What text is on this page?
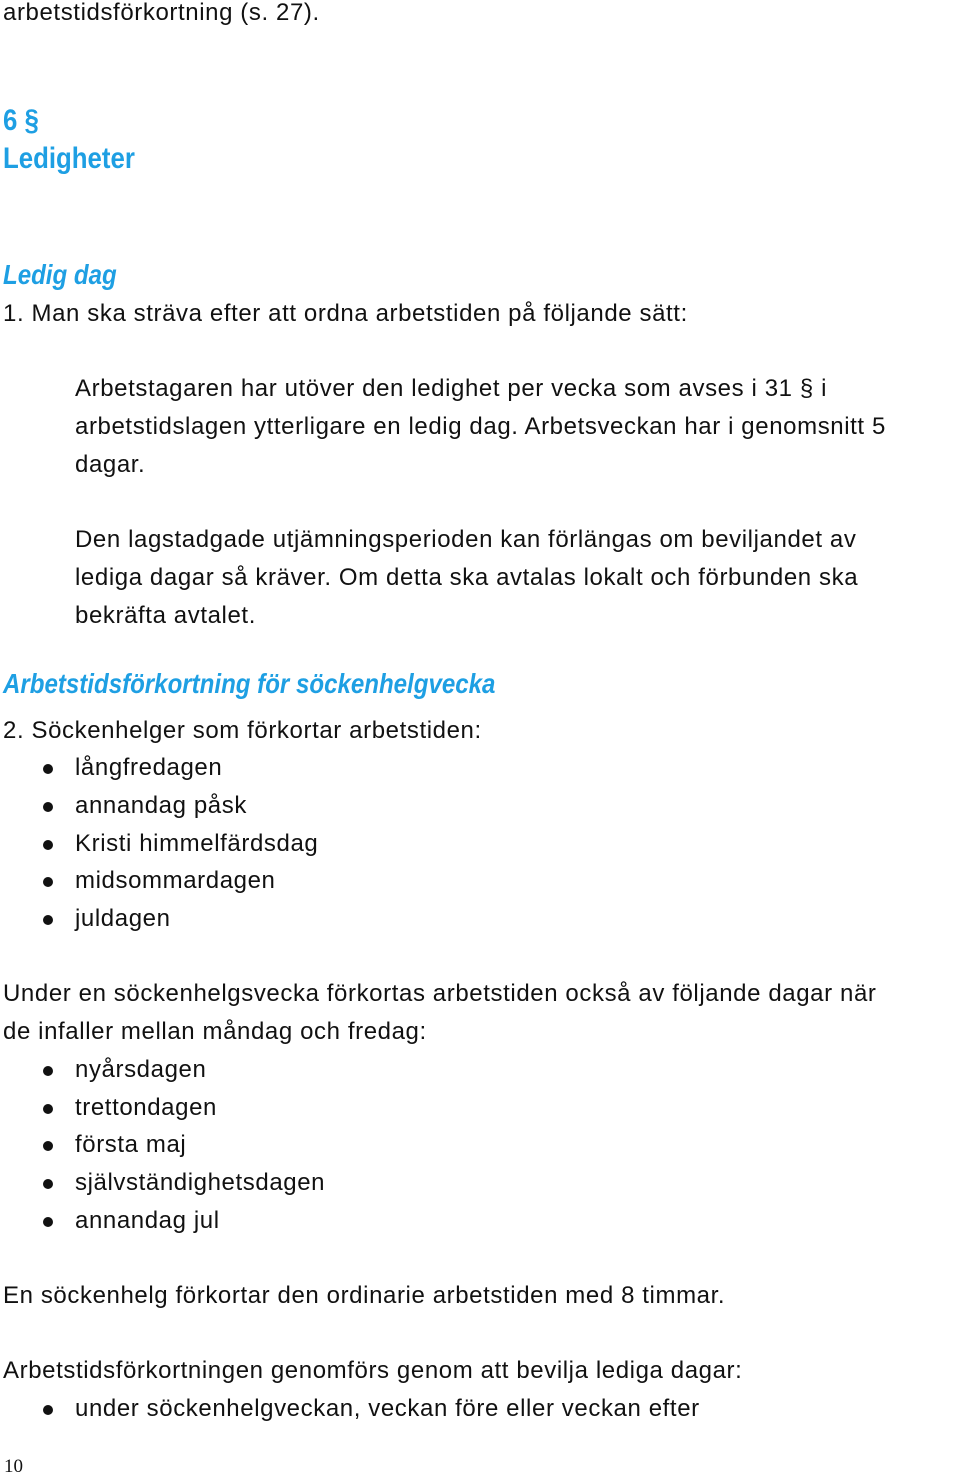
arbetstidsförkortning (s. 27).
6 §
Ledigheter
Ledig dag
1. Man ska sträva efter att ordna arbetstiden på följande sätt:
Arbetstagaren har utöver den ledighet per vecka som avses i 31 § i
arbetstidslagen ytterligare en ledig dag. Arbetsveckan har i genomsnitt 5
dagar.
Den lagstadgade utjämningsperioden kan förlängas om beviljandet av
lediga dagar så kräver. Om detta ska avtalas lokalt och förbunden ska
bekräfta avtalet.
Arbetstidsförkortning för söckenhelgvecka
2. Söckenhelger som förkortar arbetstiden:
långfredagen
annandag påsk
Kristi himmelfärdsdag
midsommardagen
juldagen
Under en söckenhelgsvecka förkortas arbetstiden också av följande dagar när
de infaller mellan måndag och fredag:
nyårsdagen
trettondagen
första maj
självständighetsdagen
annandag jul
En söckenhelg förkortar den ordinarie arbetstiden med 8 timmar.
Arbetstidsförkortningen genomförs genom att bevilja lediga dagar:
under söckenhelgveckan, veckan före eller veckan efter
10
